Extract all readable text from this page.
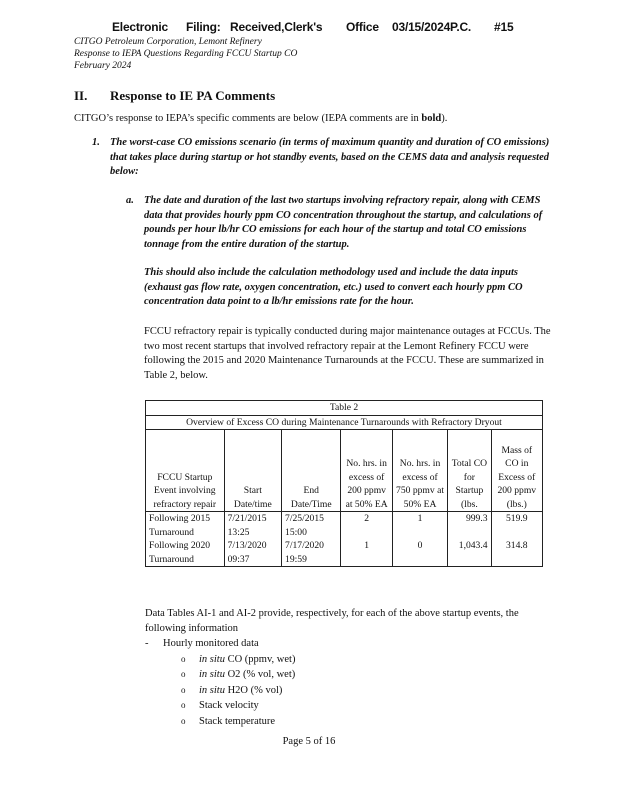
Electronic Filing: Received,Clerk's Office 03/15/2024P.C. #15
CITGO Petroleum Corporation, Lemont Refinery
Response to IEPA Questions Regarding FCCU Startup CO
February 2024
II. Response to IE PA Comments
CITGO’s response to IEPA’s specific comments are below (IEPA comments are in bold).
1. The worst-case CO emissions scenario (in terms of maximum quantity and duration of CO emissions) that takes place during startup or hot standby events, based on the CEMS data and analysis requested below:
a. The date and duration of the last two startups involving refractory repair, along with CEMS data that provides hourly ppm CO concentration throughout the startup, and calculations of pounds per hour lb/hr CO emissions for each hour of the startup and total CO emissions tonnage from the entire duration of the startup.
This should also include the calculation methodology used and include the data inputs (exhaust gas flow rate, oxygen concentration, etc.) used to convert each hourly ppm CO concentration data point to a lb/hr emissions rate for the hour.
FCCU refractory repair is typically conducted during major maintenance outages at FCCUs. The two most recent startups that involved refractory repair at the Lemont Refinery FCCU were following the 2015 and 2020 Maintenance Turnarounds at the FCCU. These are summarized in Table 2, below.
Table 2						
Overview of Excess CO during Maintenance Turnarounds with Refractory Dryout						
FCCU Startup Event involving refractory repair	Start Date/time	End Date/Time	No. hrs. in excess of 200 ppmv at 50% EA	No. hrs. in excess of 750 ppmv at 50% EA	Total CO for Startup (lbs.	Mass of CO in Excess of 200 ppmv (lbs.)
Following 2015 Turnaround	7/21/2015 13:25	7/25/2015 15:00	2	1	999.3	519.9
Following 2020 Turnaround	7/13/2020 09:37	7/17/2020 19:59	1	0	1,043.4	314.8
Data Tables AI-1 and AI-2 provide, respectively, for each of the above startup events, the following information
- Hourly monitored data
o in situ CO (ppmv, wet)
o in situ O2 (% vol, wet)
o in situ H2O (% vol)
o Stack velocity
o Stack temperature
Page 5 of 16
